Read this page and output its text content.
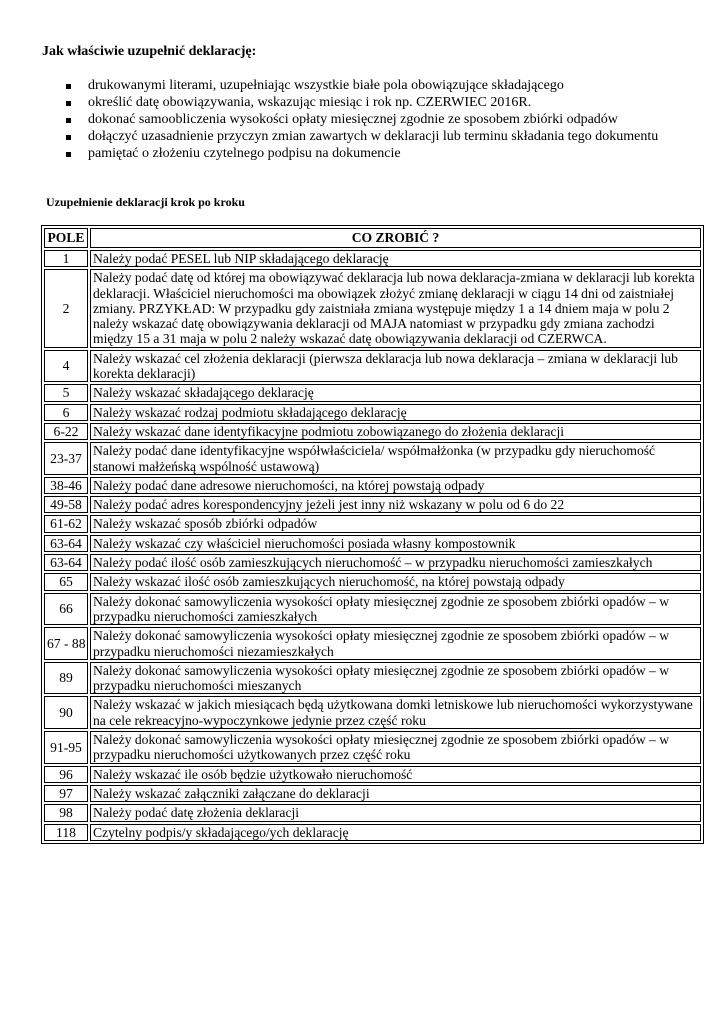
Jak właściwie uzupełnić deklarację:
drukowanymi literami, uzupełniając wszystkie białe pola obowiązujące składającego
określić datę obowiązywania, wskazując miesiąc i rok np. CZERWIEC 2016R.
dokonać samoobliczenia wysokości opłaty miesięcznej zgodnie ze sposobem zbiórki odpadów
dołączyć uzasadnienie przyczyn zmian zawartych w deklaracji lub terminu składania tego dokumentu
pamiętać o złożeniu czytelnego podpisu na dokumencie
Uzupełnienie deklaracji krok po kroku
POLE	CO ZROBIĆ ?
1	Należy podać PESEL lub NIP składającego deklarację
2	Należy podać datę od której ma obowiązywać deklaracja lub nowa deklaracja-zmiana w deklaracji lub korekta deklaracji. Właściciel nieruchomości ma obowiązek złożyć zmianę deklaracji w ciągu 14 dni od zaistniałej zmiany. PRZYKŁAD: W przypadku gdy zaistniała zmiana występuje między 1 a 14 dniem maja w polu 2 należy wskazać datę obowiązywania deklaracji od MAJA natomiast w przypadku gdy zmiana zachodzi między 15 a 31 maja w polu 2 należy wskazać datę obowiązywania deklaracji od CZERWCA.
4	Należy wskazać cel złożenia deklaracji (pierwsza deklaracja lub nowa deklaracja – zmiana w deklaracji lub korekta deklaracji)
5	Należy wskazać składającego deklarację
6	Należy wskazać rodzaj podmiotu składającego deklarację
6-22	Należy wskazać dane identyfikacyjne podmiotu zobowiązanego do złożenia deklaracji
23-37	Należy podać dane identyfikacyjne współwłaściciela/ współmałżonka (w przypadku gdy nieruchomość stanowi małżeńską wspólność ustawową)
38-46	Należy podać dane adresowe nieruchomości, na której powstają odpady
49-58	Należy podać adres korespondencyjny jeżeli jest inny niż wskazany w polu od 6 do 22
61-62	Należy wskazać sposób zbiórki odpadów
63-64	Należy wskazać czy właściciel nieruchomości posiada własny kompostownik
63-64	Należy podać ilość osób zamieszkujących nieruchomość – w przypadku nieruchomości zamieszkałych
65	Należy wskazać ilość osób zamieszkujących nieruchomość, na której powstają odpady
66	Należy dokonać samowyliczenia wysokości opłaty miesięcznej zgodnie ze sposobem zbiórki opadów – w przypadku nieruchomości zamieszkałych
67 - 88	Należy dokonać samowyliczenia wysokości opłaty miesięcznej zgodnie ze sposobem zbiórki opadów – w przypadku nieruchomości niezamieszkałych
89	Należy dokonać samowyliczenia wysokości opłaty miesięcznej zgodnie ze sposobem zbiórki opadów – w przypadku nieruchomości mieszanych
90	Należy wskazać w jakich miesiącach będą użytkowana domki letniskowe lub nieruchomości wykorzystywane na cele rekreacyjno-wypoczynkowe jedynie przez część roku
91-95	Należy dokonać samowyliczenia wysokości opłaty miesięcznej zgodnie ze sposobem zbiórki opadów – w przypadku nieruchomości użytkowanych przez część roku
96	Należy wskazać ile osób będzie użytkowało nieruchomość
97	Należy wskazać załączniki załączane do deklaracji
98	Należy podać datę złożenia deklaracji
118	Czytelny podpis/y składającego/ych deklarację
